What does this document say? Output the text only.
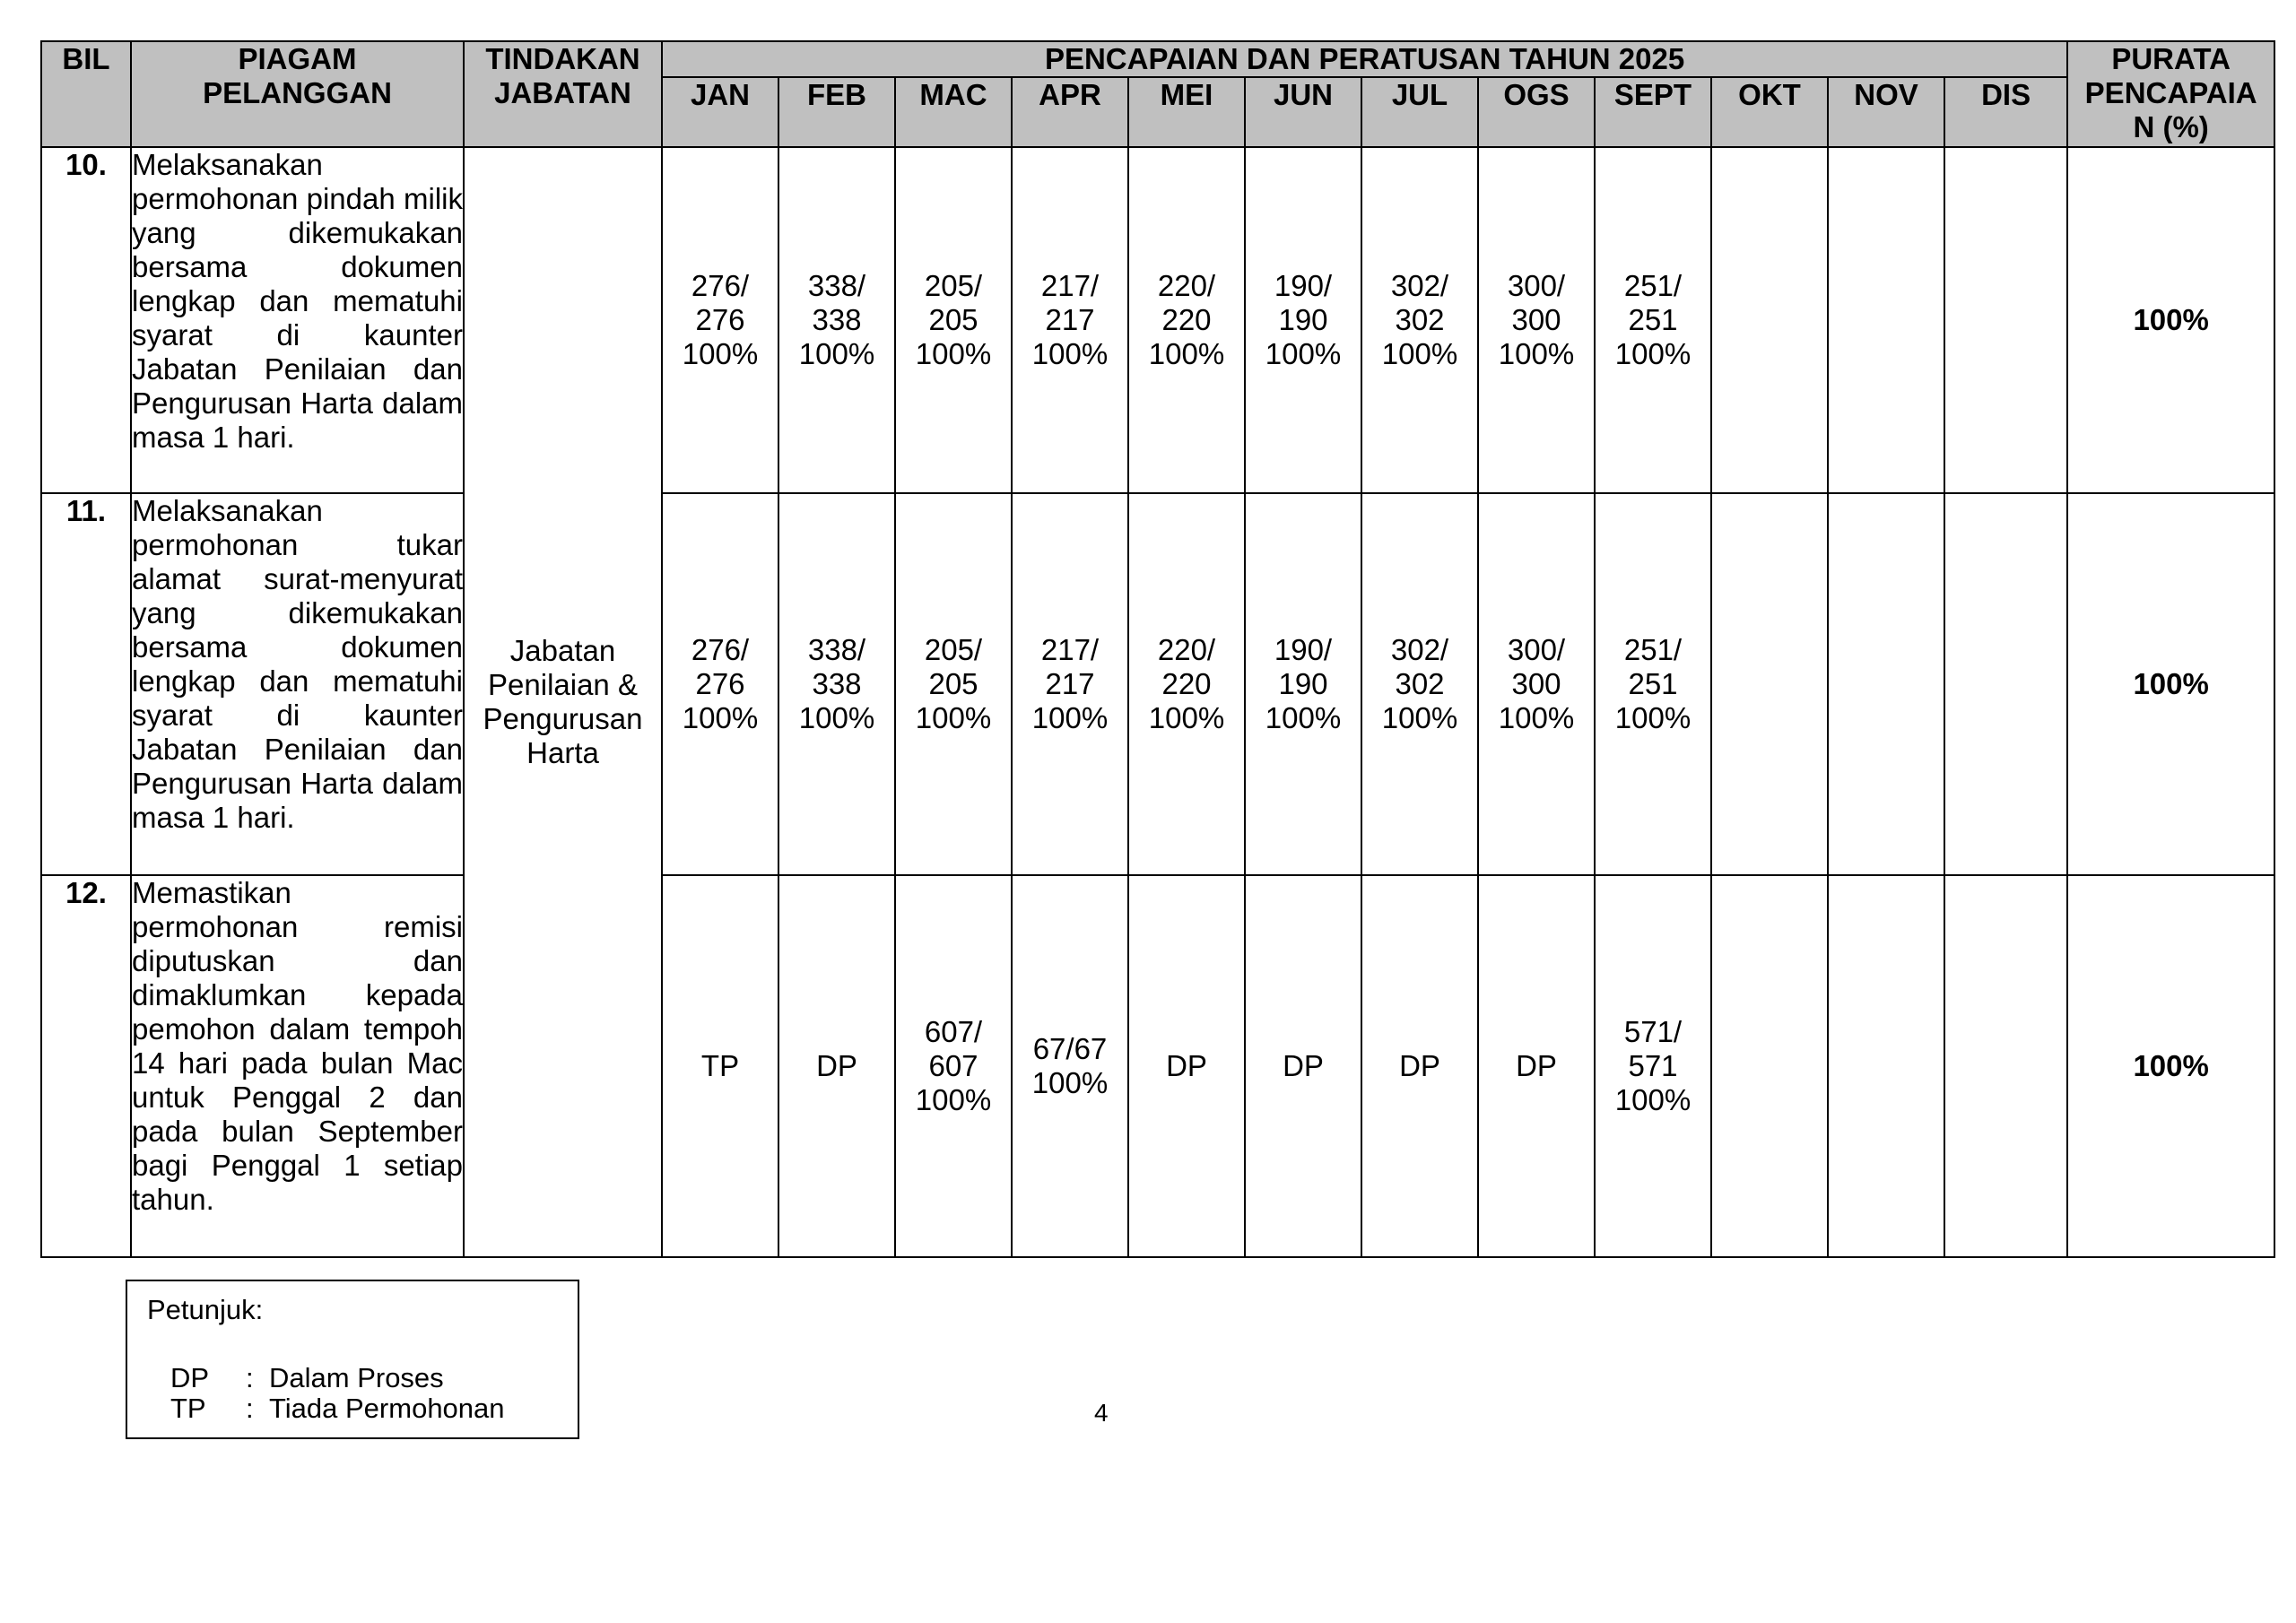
BIL	PIAGAM
PELANGGAN	TINDAKAN
JABATAN	PENCAPAIAN DAN PERATUSAN TAHUN 2025												PURATA
PENCAPAIA
N (%)

			JAN	FEB	MAC	APR	MEI	JUN	JUL	OGS	SEPT	OKT	NOV	DIS	
10.	Melaksanakan permohonan pindah milik yang dikemukakan bersama dokumen lengkap dan mematuhi syarat di kaunter Jabatan Penilaian dan Pengurusan Harta dalam masa 1 hari.	Jabatan
Penilaian &
Pengurusan
Harta	276/
276
100%	338/
338
100%	205/
205
100%	217/
217
100%	220/
220
100%	190/
190
100%	302/
302
100%	300/
300
100%	251/
251
100%				100%
11.	Melaksanakan permohonan tukar alamat surat-menyurat yang dikemukakan bersama dokumen lengkap dan mematuhi syarat di kaunter Jabatan Penilaian dan Pengurusan Harta dalam masa 1 hari.		276/
276
100%	338/
338
100%	205/
205
100%	217/
217
100%	220/
220
100%	190/
190
100%	302/
302
100%	300/
300
100%	251/
251
100%				100%
12.	Memastikan permohonan remisi diputuskan dan dimaklumkan kepada pemohon dalam tempoh 14 hari pada bulan Mac untuk Penggal 2 dan pada bulan September bagi Penggal 1 setiap tahun.		TP	DP	607/
607
100%	67/67
100%	DP	DP	DP	DP	571/
571
100%				100%
Petunjuk:
DP	: Dalam Proses
TP	: Tiada Permohonan	4
